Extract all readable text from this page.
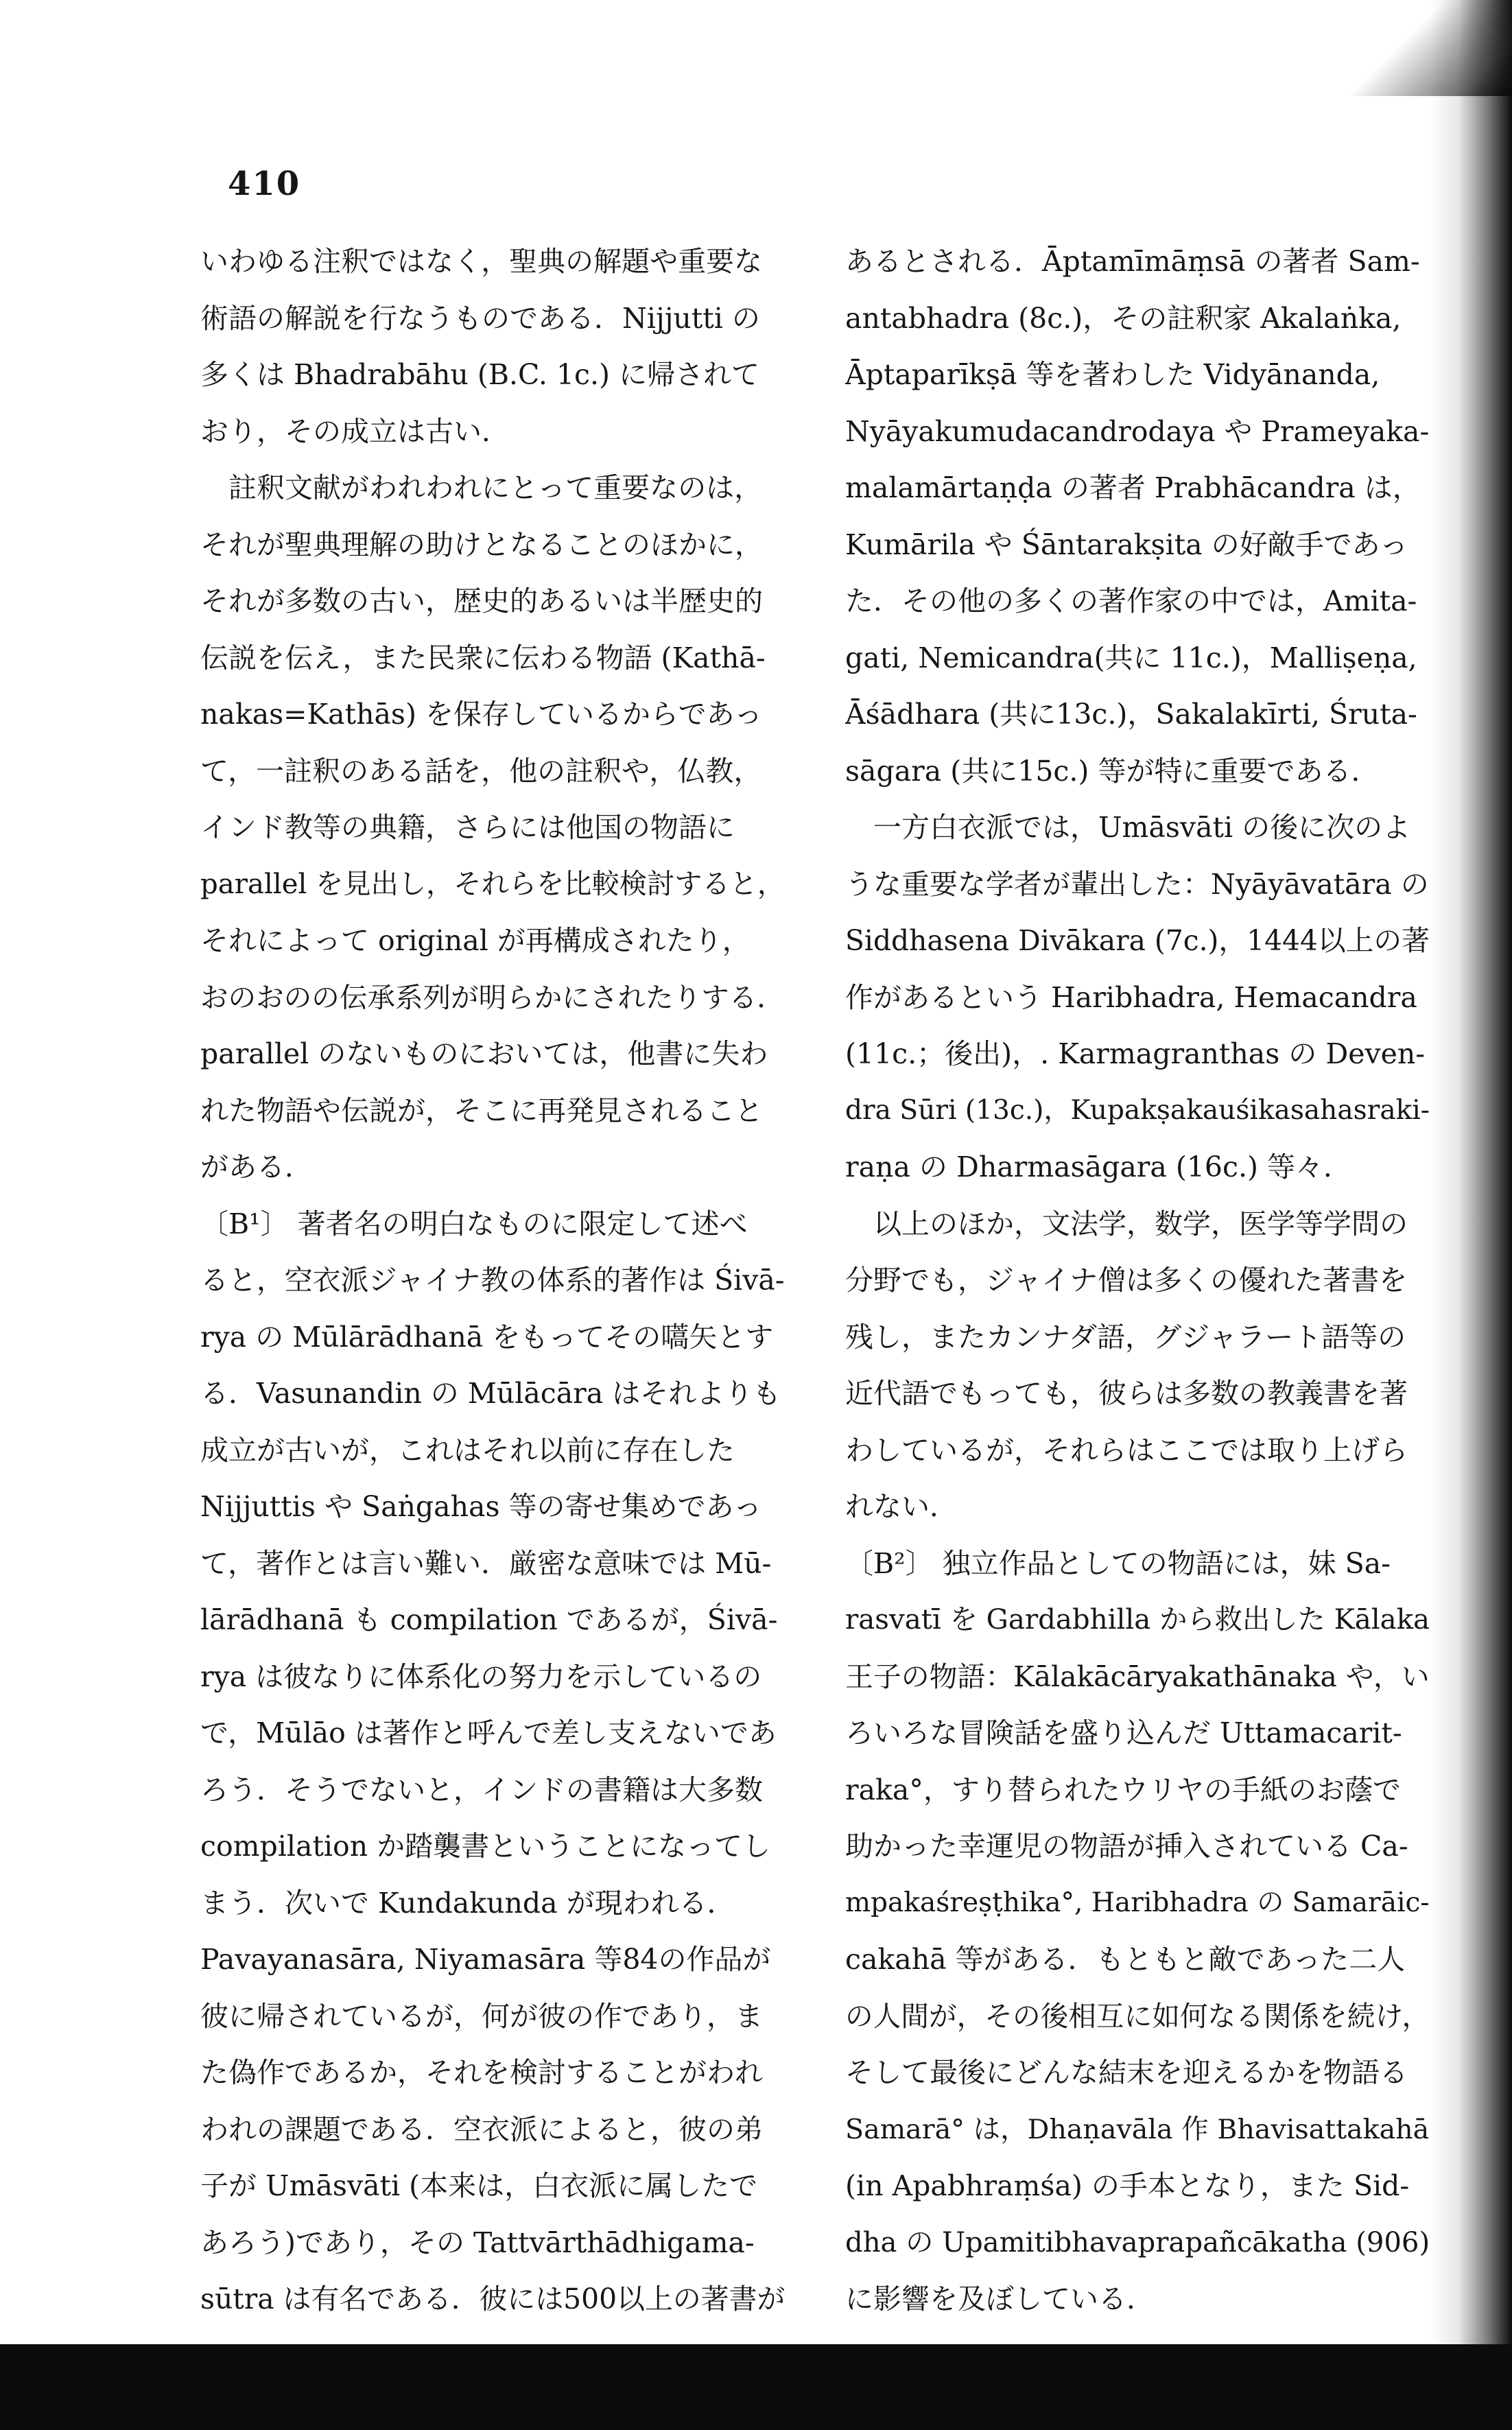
410
いわゆる注釈ではなく，聖典の解題や重要な
術語の解説を行なうものである．Nijjutti の
多くは Bhadrabāhu (B.C. 1c.) に帰されて
おり，その成立は古い．
　註釈文献がわれわれにとって重要なのは，
それが聖典理解の助けとなることのほかに，
それが多数の古い，歴史的あるいは半歴史的
伝説を伝え，また民衆に伝わる物語 (Kathā-
nakas=Kathās) を保存しているからであっ
て，一註釈のある話を，他の註釈や，仏教，
インド教等の典籍，さらには他国の物語に
parallel を見出し，それらを比較検討すると，
それによって original が再構成されたり，
おのおのの伝承系列が明らかにされたりする．
parallel のないものにおいては，他書に失わ
れた物語や伝説が，そこに再発見されること
がある．
〔B¹〕 著者名の明白なものに限定して述べ
ると，空衣派ジャイナ教の体系的著作は Śivā-
rya の Mūlārādhanā をもってその嚆矢とす
る．Vasunandin の Mūlācāra はそれよりも
成立が古いが，これはそれ以前に存在した
Nijjuttis や Saṅgahas 等の寄せ集めであっ
て，著作とは言い難い．厳密な意味では Mū-
lārādhanā も compilation であるが，Śivā-
rya は彼なりに体系化の努力を示しているの
で，Mūlāo は著作と呼んで差し支えないであ
ろう．そうでないと，インドの書籍は大多数
compilation か踏襲書ということになってし
まう．次いで Kundakunda が現われる．
Pavayanasāra, Niyamasāra 等84の作品が
彼に帰されているが，何が彼の作であり，ま
た偽作であるか，それを検討することがわれ
われの課題である．空衣派によると，彼の弟
子が Umāsvāti (本来は，白衣派に属したで
あろう)であり，その Tattvārthādhigama-
sūtra は有名である．彼には500以上の著書が
あるとされる．Āptamīmāṃsā の著者 Sam-
antabhadra (8c.)，その註釈家 Akalaṅka,
Āptaparīkṣā 等を著わした Vidyānanda,
Nyāyakumudacandrodaya や Prameyaka-
malamārtaṇḍa の著者 Prabhācandra は，
Kumārila や Śāntarakṣita の好敵手であっ
た．その他の多くの著作家の中では，Amita-
gati, Nemicandra(共に 11c.)，Malliṣeṇa,
Āśādhara (共に13c.)，Sakalakīrti, Śruta-
sāgara (共に15c.) 等が特に重要である．
　一方白衣派では，Umāsvāti の後に次のよ
うな重要な学者が輩出した：Nyāyāvatāra の
Siddhasena Divākara (7c.)，1444以上の著
作があるという Haribhadra, Hemacandra
(11c.；後出)，. Karmagranthas の Deven-
dra Sūri (13c.)，Kupakṣakauśikasahasraki-
raṇa の Dharmasāgara (16c.) 等々．
　以上のほか，文法学，数学，医学等学問の
分野でも，ジャイナ僧は多くの優れた著書を
残し，またカンナダ語，グジャラート語等の
近代語でもっても，彼らは多数の教義書を著
わしているが，それらはここでは取り上げら
れない．
〔B²〕 独立作品としての物語には，妹 Sa-
rasvatī を Gardabhilla から救出した Kālaka
王子の物語：Kālakācāryakathānaka や，い
ろいろな冒険話を盛り込んだ Uttamacarit-
raka°，すり替られたウリヤの手紙のお蔭で
助かった幸運児の物語が挿入されている Ca-
mpakaśreṣṭhika°, Haribhadra の Samarāic-
cakahā 等がある．もともと敵であった二人
の人間が，その後相互に如何なる関係を続け，
そして最後にどんな結末を迎えるかを物語る
Samarā° は，Dhaṇavāla 作 Bhavisattakahā
(in Apabhraṃśa) の手本となり，また Sid-
dha の Upamitibhavaprapañcākatha (906)
に影響を及ぼしている．
